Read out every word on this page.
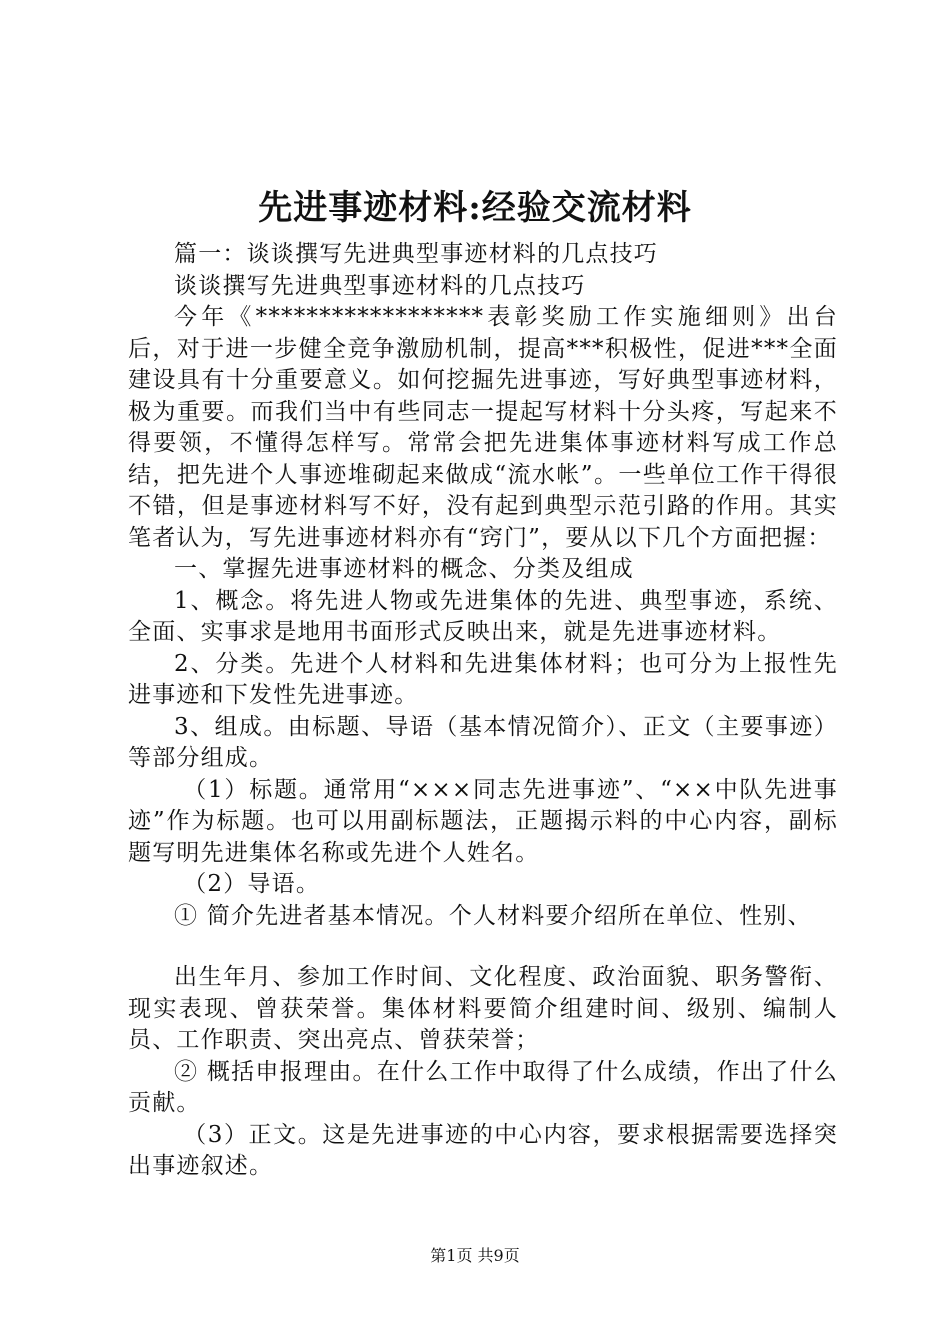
先进事迹材料:经验交流材料

篇一：谈谈撰写先进典型事迹材料的几点技巧

谈谈撰写先进典型事迹材料的几点技巧

今年《******************表彰奖励工作实施细则》出台后，对于进一步健全竞争激励机制，提高***积极性，促进***全面建设具有十分重要意义。如何挖掘先进事迹，写好典型事迹材料，极为重要。而我们当中有些同志一提起写材料十分头疼，写起来不得要领，不懂得怎样写。常常会把先进集体事迹材料写成工作总结，把先进个人事迹堆砌起来做成“流水帐”。一些单位工作干得很不错，但是事迹材料写不好，没有起到典型示范引路的作用。其实笔者认为，写先进事迹材料亦有“窍门”，要从以下几个方面把握：

一、掌握先进事迹材料的概念、分类及组成

1、概念。将先进人物或先进集体的先进、典型事迹，系统、全面、实事求是地用书面形式反映出来，就是先进事迹材料。

2、分类。先进个人材料和先进集体材料；也可分为上报性先进事迹和下发性先进事迹。

3、组成。由标题、导语（基本情况简介）、正文（主要事迹）等部分组成。

（1）标题。通常用“×××同志先进事迹”、“××中队先进事迹”作为标题。也可以用副标题法，正题揭示料的中心内容，副标题写明先进集体名称或先进个人姓名。

（2）导语。

① 简介先进者基本情况。个人材料要介绍所在单位、性别、

出生年月、参加工作时间、文化程度、政治面貌、职务警衔、现实表现、曾获荣誉。集体材料要简介组建时间、级别、编制人员、工作职责、突出亮点、曾获荣誉；

② 概括申报理由。在什么工作中取得了什么成绩，作出了什么贡献。

（3）正文。这是先进事迹的中心内容，要求根据需要选择突出事迹叙述。

第1页 共9页
